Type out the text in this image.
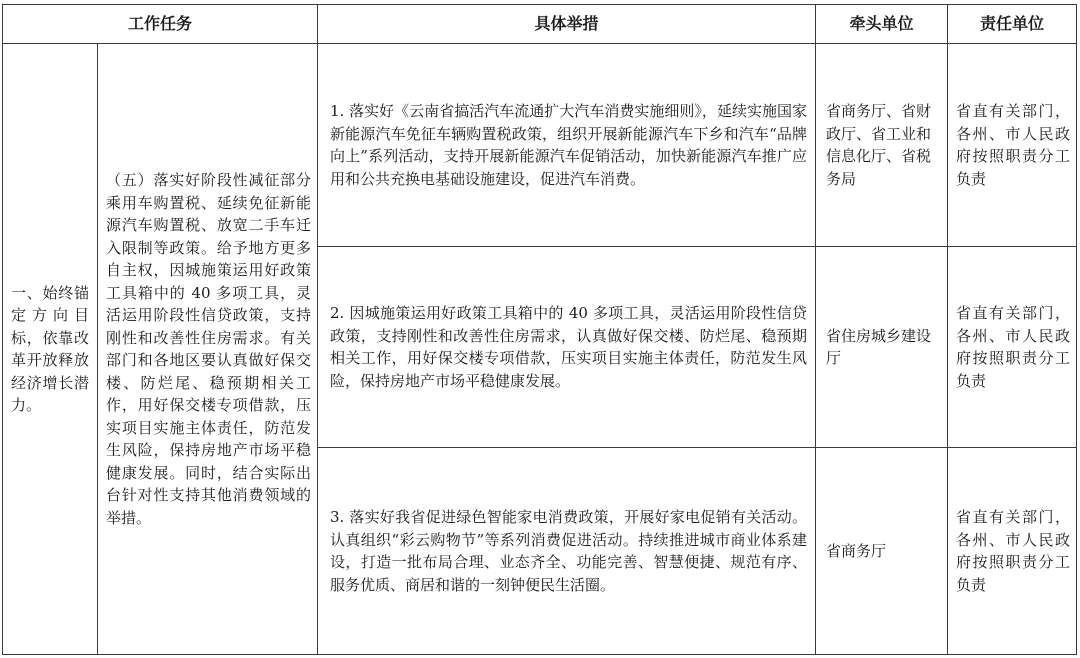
工作任务		具体举措	牵头单位	责任单位
一、始终锚定方向目标，依靠改革开放释放经济增长潜力。	（五）落实好阶段性减征部分乘用车购置税、延续免征新能源汽车购置税、放宽二手车迁入限制等政策。给予地方更多自主权，因城施策运用好政策工具箱中的 40 多项工具，灵活运用阶段性信贷政策，支持刚性和改善性住房需求。有关部门和各地区要认真做好保交楼、防烂尾、稳预期相关工作，用好保交楼专项借款，压实项目实施主体责任，防范发生风险，保持房地产市场平稳健康发展。同时，结合实际出台针对性支持其他消费领域的举措。	1. 落实好《云南省搞活汽车流通扩大汽车消费实施细则》，延续实施国家新能源汽车免征车辆购置税政策，组织开展新能源汽车下乡和汽车“品牌向上”系列活动，支持开展新能源汽车促销活动，加快新能源汽车推广应用和公共充换电基础设施建设，促进汽车消费。	省商务厅、省财政厅、省工业和信息化厅、省税务局	省直有关部门，各州、市人民政府按照职责分工负责
		2. 因城施策运用好政策工具箱中的 40 多项工具，灵活运用阶段性信贷政策，支持刚性和改善性住房需求，认真做好保交楼、防烂尾、稳预期相关工作，用好保交楼专项借款，压实项目实施主体责任，防范发生风险，保持房地产市场平稳健康发展。	省住房城乡建设厅	省直有关部门，各州、市人民政府按照职责分工负责
		3. 落实好我省促进绿色智能家电消费政策，开展好家电促销有关活动。认真组织“彩云购物节”等系列消费促进活动。持续推进城市商业体系建设，打造一批布局合理、业态齐全、功能完善、智慧便捷、规范有序、服务优质、商居和谐的一刻钟便民生活圈。	省商务厅	省直有关部门，各州、市人民政府按照职责分工负责
